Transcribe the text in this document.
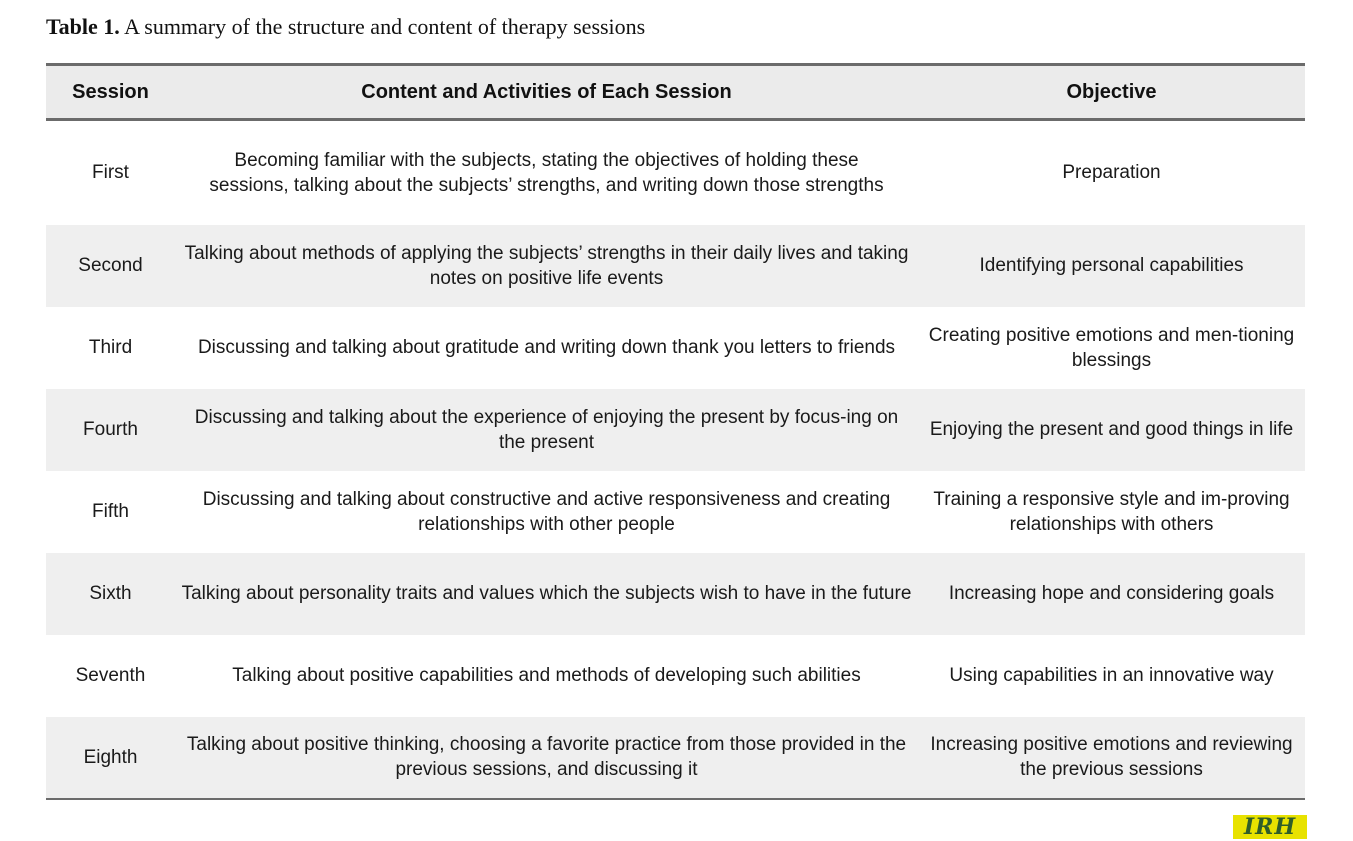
Table 1. A summary of the structure and content of therapy sessions
Session	Content and Activities of Each Session	Objective
First	Becoming familiar with the subjects, stating the objectives of holding these sessions, talking about the subjects’ strengths, and writing down those strengths	Preparation
Second	Talking about methods of applying the subjects’ strengths in their daily lives and taking notes on positive life events	Identifying personal capabilities
Third	Discussing and talking about gratitude and writing down thank you letters to friends	Creating positive emotions and men-tioning blessings
Fourth	Discussing and talking about the experience of enjoying the present by focus-ing on the present	Enjoying the present and good things in life
Fifth	Discussing and talking about constructive and active responsiveness and creating relationships with other people	Training a responsive style and im-proving relationships with others
Sixth	Talking about personality traits and values which the subjects wish to have in the future	Increasing hope and considering goals
Seventh	Talking about positive capabilities and methods of developing such abilities	Using capabilities in an innovative way
Eighth	Talking about positive thinking, choosing a favorite practice from those provided in the previous sessions, and discussing it	Increasing positive emotions and reviewing the previous sessions
IRH
